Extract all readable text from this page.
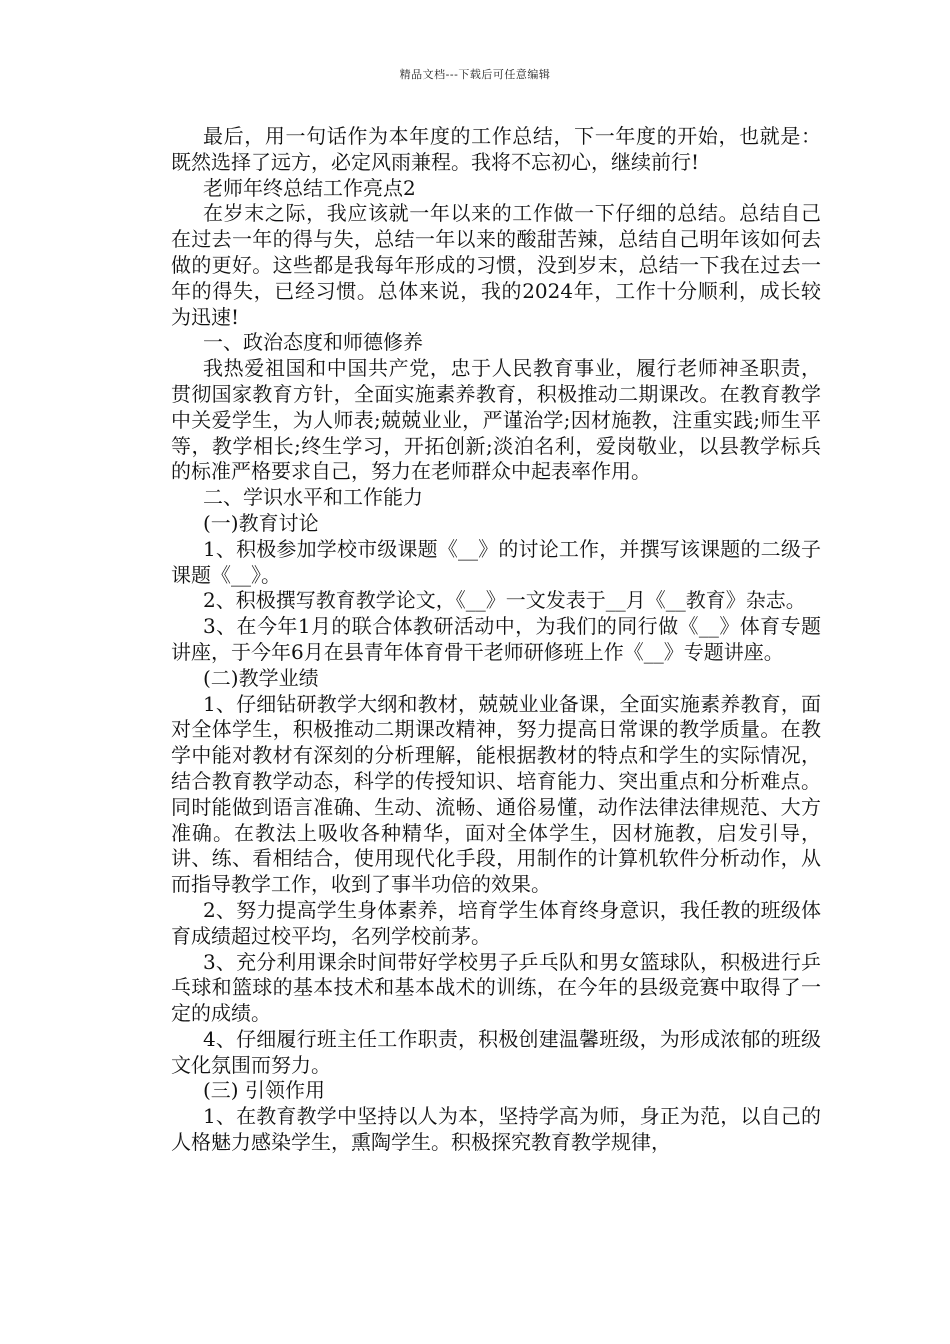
精品文档---下载后可任意编辑

最后，用一句话作为本年度的工作总结，下一年度的开始，也就是：既然选择了远方，必定风雨兼程。我将不忘初心，继续前行!

老师年终总结工作亮点2

在岁末之际，我应该就一年以来的工作做一下仔细的总结。总结自己在过去一年的得与失，总结一年以来的酸甜苦辣，总结自己明年该如何去做的更好。这些都是我每年形成的习惯，没到岁末，总结一下我在过去一年的得失，已经习惯。总体来说，我的2024年，工作十分顺利，成长较为迅速!

一、政治态度和师德修养

我热爱祖国和中国共产党，忠于人民教育事业，履行老师神圣职责，贯彻国家教育方针，全面实施素养教育，积极推动二期课改。在教育教学中关爱学生，为人师表;兢兢业业，严谨治学;因材施教，注重实践;师生平等，教学相长;终生学习，开拓创新;淡泊名利，爱岗敬业，以县教学标兵的标准严格要求自己，努力在老师群众中起表率作用。

二、学识水平和工作能力

(一)教育讨论

1、积极参加学校市级课题《__》的讨论工作，并撰写该课题的二级子课题《__》。

2、积极撰写教育教学论文，《__》一文发表于__月《__教育》杂志。

3、在今年1月的联合体教研活动中，为我们的同行做《__》体育专题讲座，于今年6月在县青年体育骨干老师研修班上作《__》专题讲座。

(二)教学业绩

1、仔细钻研教学大纲和教材，兢兢业业备课，全面实施素养教育，面对全体学生，积极推动二期课改精神，努力提高日常课的教学质量。在教学中能对教材有深刻的分析理解，能根据教材的特点和学生的实际情况，结合教育教学动态，科学的传授知识、培育能力、突出重点和分析难点。同时能做到语言准确、生动、流畅、通俗易懂，动作法律法律规范、大方准确。在教法上吸收各种精华，面对全体学生，因材施教，启发引导，讲、练、看相结合，使用现代化手段，用制作的计算机软件分析动作，从而指导教学工作，收到了事半功倍的效果。

2、努力提高学生身体素养，培育学生体育终身意识，我任教的班级体育成绩超过校平均，名列学校前茅。

3、充分利用课余时间带好学校男子乒乓队和男女篮球队，积极进行乒乓球和篮球的基本技术和基本战术的训练，在今年的县级竞赛中取得了一定的成绩。

4、仔细履行班主任工作职责，积极创建温馨班级，为形成浓郁的班级文化氛围而努力。

(三) 引领作用

1、在教育教学中坚持以人为本，坚持学高为师，身正为范，以自己的人格魅力感染学生，熏陶学生。积极探究教育教学规律，
